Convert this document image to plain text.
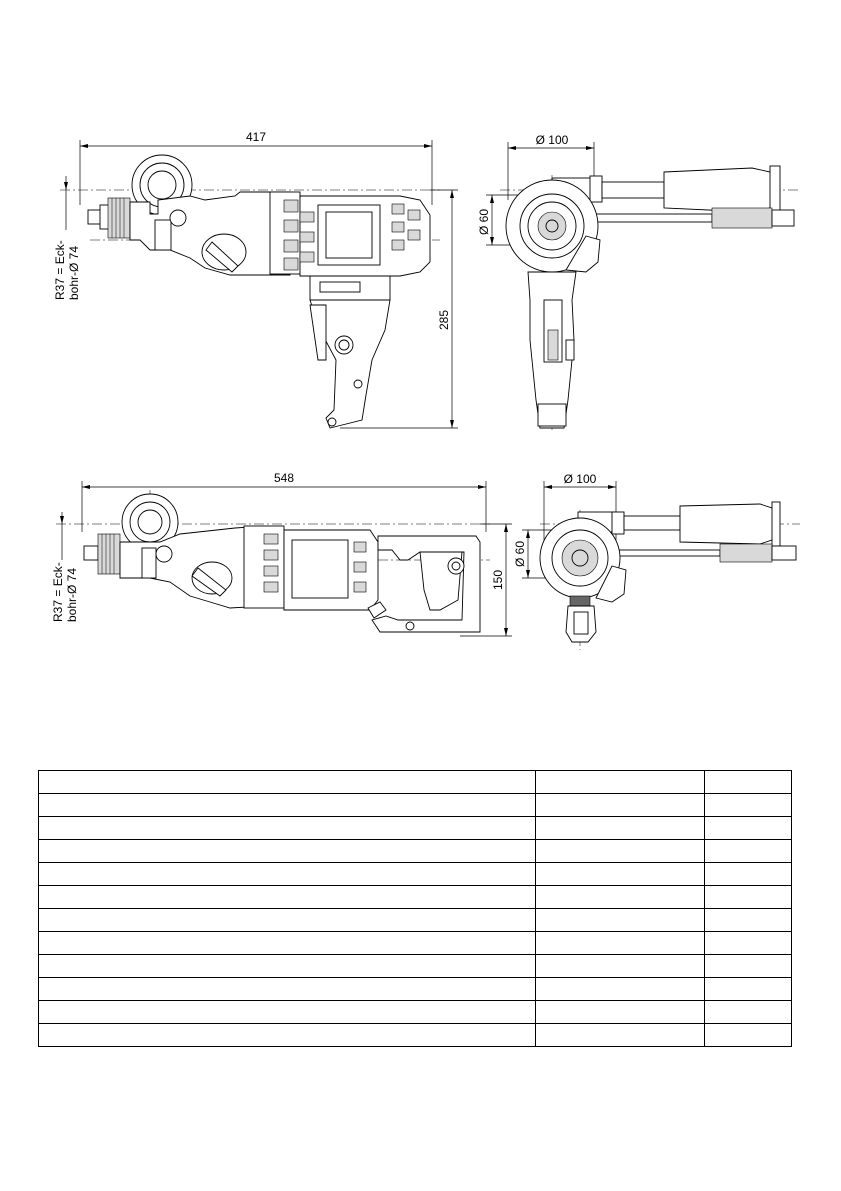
417
285
R37 = Eck- bohr-Ø 74
Ø 100
Ø 60
548
150
R37 = Eck- bohr-Ø 74
Ø 100
Ø 60
